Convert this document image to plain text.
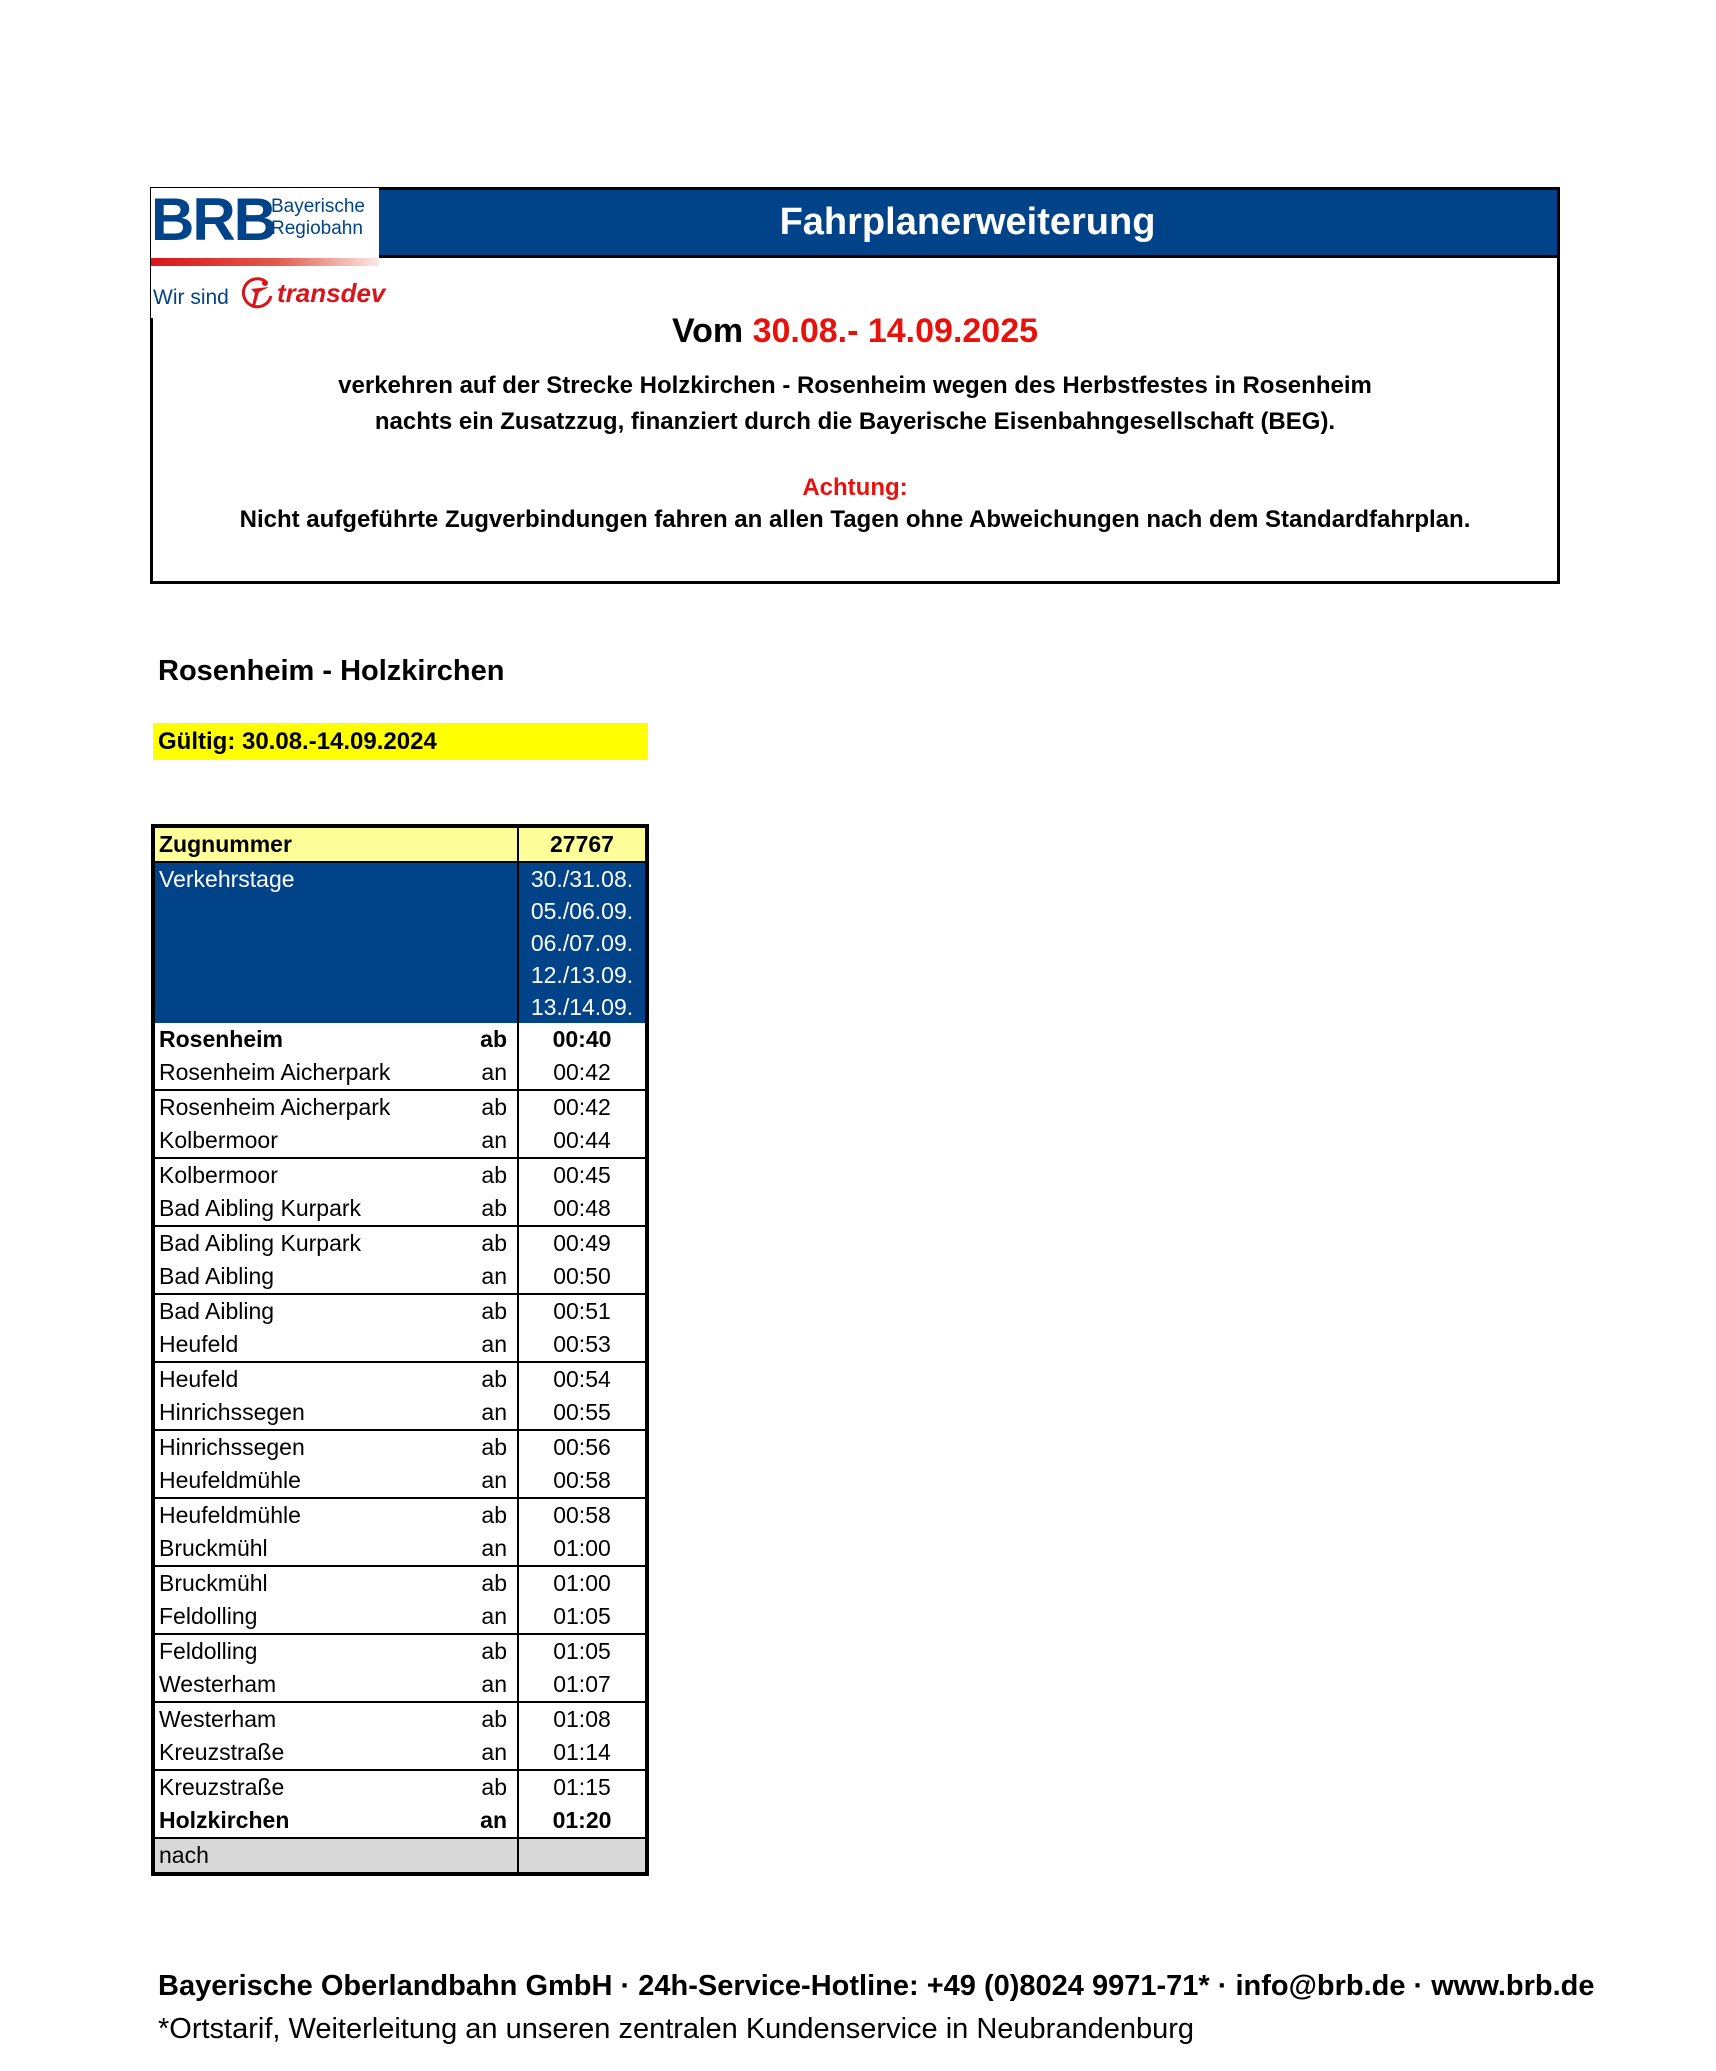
Fahrplanerweiterung
BRB
Bayerische
Regiobahn
Wir sind transdev
Vom 30.08.- 14.09.2025
verkehren auf der Strecke Holzkirchen - Rosenheim wegen des Herbstfestes in Rosenheim
nachts ein Zusatzzug, finanziert durch die Bayerische Eisenbahngesellschaft (BEG).
Achtung:
Nicht aufgeführte Zugverbindungen fahren an allen Tagen ohne Abweichungen nach dem Standardfahrplan.
Rosenheim - Holzkirchen
Gültig: 30.08.-14.09.2024
Zugnummer		27767
Verkehrstage		30./31.08.
		05./06.09.
		06./07.09.
		12./13.09.
		13./14.09.
Rosenheim	ab	00:40
Rosenheim Aicherpark	an	00:42
Rosenheim Aicherpark	ab	00:42
Kolbermoor	an	00:44
Kolbermoor	ab	00:45
Bad Aibling Kurpark	ab	00:48
Bad Aibling Kurpark	ab	00:49
Bad Aibling	an	00:50
Bad Aibling	ab	00:51
Heufeld	an	00:53
Heufeld	ab	00:54
Hinrichssegen	an	00:55
Hinrichssegen	ab	00:56
Heufeldmühle	an	00:58
Heufeldmühle	ab	00:58
Bruckmühl	an	01:00
Bruckmühl	ab	01:00
Feldolling	an	01:05
Feldolling	ab	01:05
Westerham	an	01:07
Westerham	ab	01:08
Kreuzstraße	an	01:14
Kreuzstraße	ab	01:15
Holzkirchen	an	01:20
nach		
Bayerische Oberlandbahn GmbH · 24h-Service-Hotline: +49 (0)8024 9971-71* · info@brb.de · www.brb.de
*Ortstarif, Weiterleitung an unseren zentralen Kundenservice in Neubrandenburg
